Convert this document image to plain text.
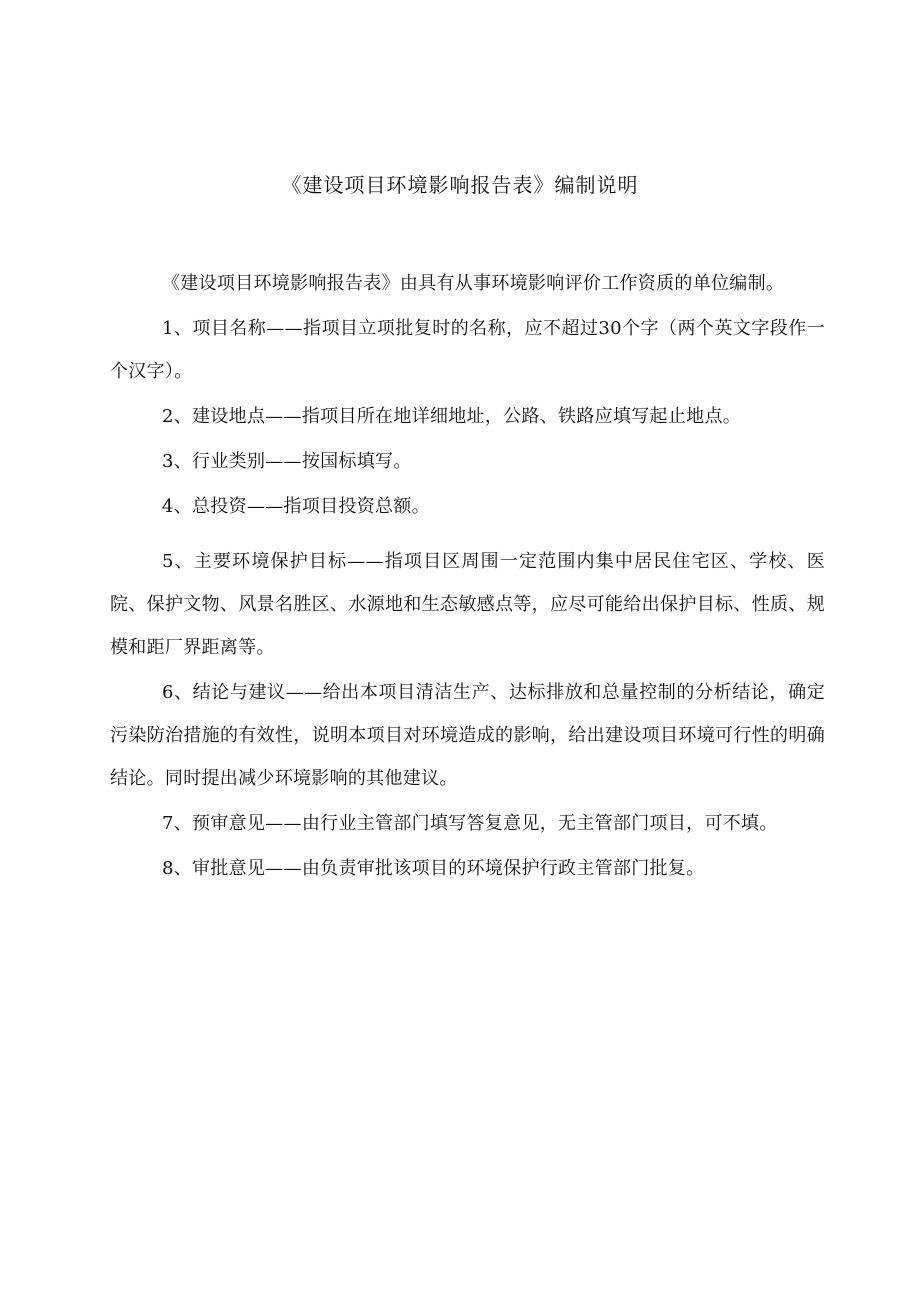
《建设项目环境影响报告表》编制说明

《建设项目环境影响报告表》由具有从事环境影响评价工作资质的单位编制。

1、项目名称——指项目立项批复时的名称，应不超过30个字（两个英文字段作一个汉字）。

2、建设地点——指项目所在地详细地址，公路、铁路应填写起止地点。

3、行业类别——按国标填写。

4、总投资——指项目投资总额。

5、主要环境保护目标——指项目区周围一定范围内集中居民住宅区、学校、医院、保护文物、风景名胜区、水源地和生态敏感点等，应尽可能给出保护目标、性质、规模和距厂界距离等。

6、结论与建议——给出本项目清洁生产、达标排放和总量控制的分析结论，确定污染防治措施的有效性，说明本项目对环境造成的影响，给出建设项目环境可行性的明确结论。同时提出减少环境影响的其他建议。

7、预审意见——由行业主管部门填写答复意见，无主管部门项目，可不填。

8、审批意见——由负责审批该项目的环境保护行政主管部门批复。
